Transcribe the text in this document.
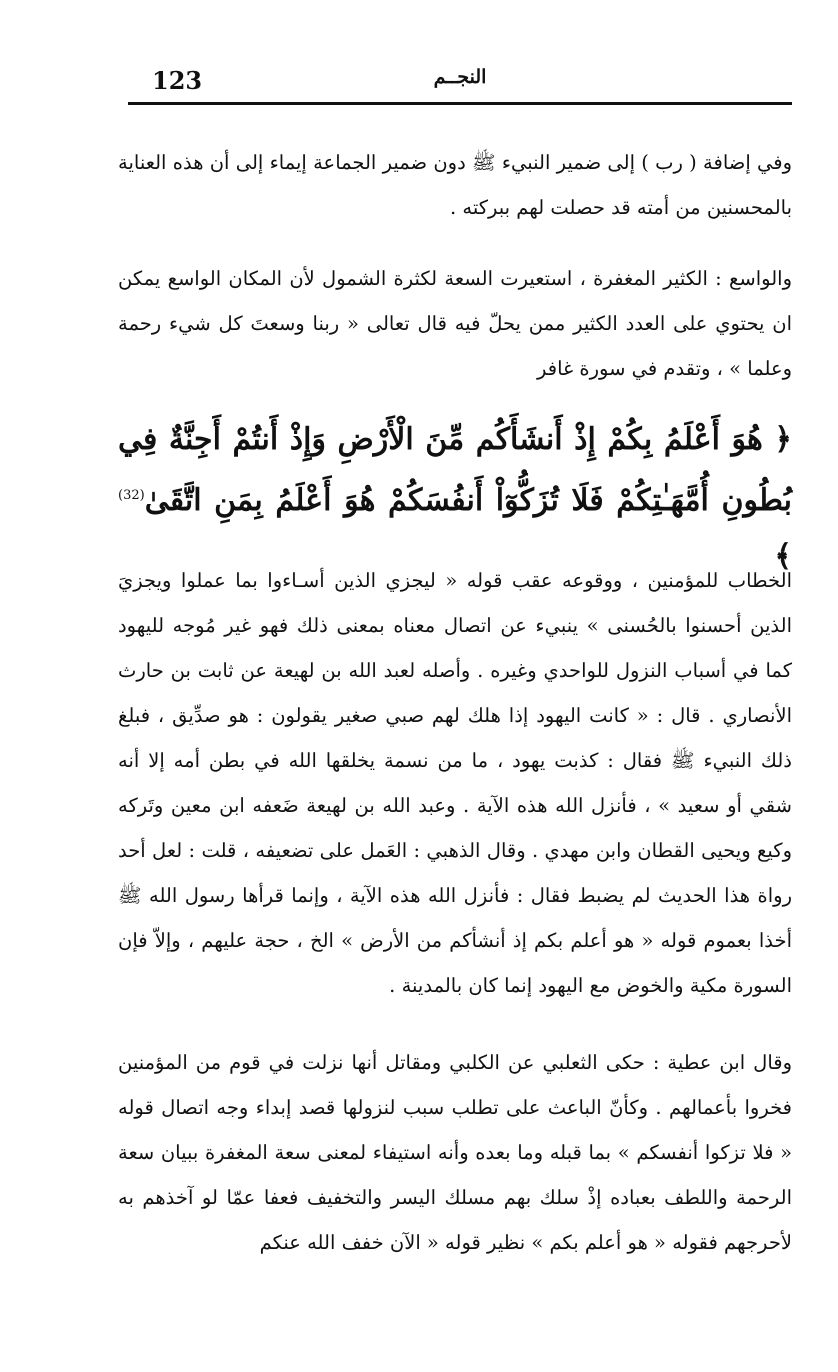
123	النجــم

وفي إضافة ( رب ) إلى ضمير النبيء ﷺ دون ضمير الجماعة إيماء إلى أن هذه العناية بالمحسنين من أمته قد حصلت لهم ببركته .

والواسع : الكثير المغفرة ، استعيرت السعة لكثرة الشمول لأن المكان الواسع يمكن ان يحتوي على العدد الكثير ممن يحلّ فيه قال تعالى « ربنا وسعتَ كل شيء رحمة وعلما » ، وتقدم في سورة غافر

﴿ هُوَ أَعْلَمُ بِكُمْ إِذْ أَنشَأَكُم مِّنَ الْأَرْضِ وَإِذْ أَنتُمْ أَجِنَّةٌ فِي بُطُونِ أُمَّهَـٰتِكُمْ فَلَا تُزَكُّوٓاْ أَنفُسَكُمْ هُوَ أَعْلَمُ بِمَنِ اتَّقَىٰ$^{(32)}$ ﴾

الخطاب للمؤمنين ، ووقوعه عقب قوله « ليجزي الذين أسـاءوا بما عملوا ويجزيَ الذين أحسنوا بالحُسنى » ينبيء عن اتصال معناه بمعنى ذلك فهو غير مُوجه لليهود كما في أسباب النزول للواحدي وغيره . وأصله لعبد الله بن لهيعة عن ثابت بن حارث الأنصاري . قال : « كانت اليهود إذا هلك لهم صبي صغير يقولون : هو صدِّيق ، فبلغ ذلك النبيء ﷺ فقال : كذبت يهود ، ما من نسمة يخلقها الله في بطن أمه إلا أنه شقي أو سعيد » ، فأنزل الله هذه الآية . وعبد الله بن لهيعة ضَعفه ابن معين وتَركه وكيع ويحيى القطان وابن مهدي . وقال الذهبي : العَمل على تضعيفه ، قلت : لعل أحد رواة هذا الحديث لم يضبط فقال : فأنزل الله هذه الآية ، وإنما قرأها رسول الله ﷺ أخذا بعموم قوله « هو أعلم بكم إذ أنشأكم من الأرض » الخ ، حجة عليهم ، وإلاّ فإن السورة مكية والخوض مع اليهود إنما كان بالمدينة .

وقال ابن عطية : حكى الثعلبي عن الكلبي ومقاتل أنها نزلت في قوم من المؤمنين فخروا بأعمالهم . وكأنّ الباعث على تطلب سبب لنزولها قصد إبداء وجه اتصال قوله « فلا تزكوا أنفسكم » بما قبله وما بعده وأنه استيفاء لمعنى سعة المغفرة ببيان سعة الرحمة واللطف بعباده إذْ سلك بهم مسلك اليسر والتخفيف فعفا عمّا لو آخذهم به لأحرجهم فقوله « هو أعلم بكم » نظير قوله « الآن خفف الله عنكم
